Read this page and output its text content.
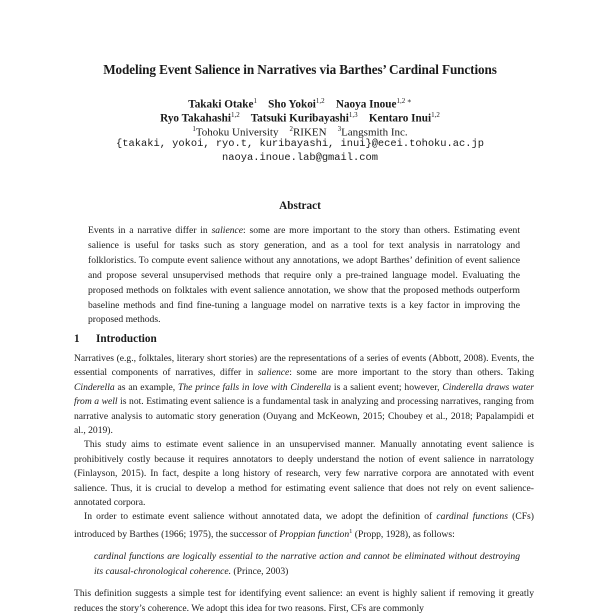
Modeling Event Salience in Narratives via Barthes’ Cardinal Functions
Takaki Otake$^1$ Sho Yokoi$^{1,2}$ Naoya Inoue$^{1,2 ∗}$
Ryo Takahashi$^{1,2}$ Tatsuki Kuribayashi$^{1,3}$ Kentaro Inui$^{1,2}$
$^1$Tohoku University $^2$RIKEN $^3$Langsmith Inc.
{takaki, yokoi, ryo.t, kuribayashi, inui}@ecei.tohoku.ac.jp
naoya.inoue.lab@gmail.com
Abstract
Events in a narrative differ in salience: some are more important to the story than others. Estimating event salience is useful for tasks such as story generation, and as a tool for text analysis in narratology and folkloristics. To compute event salience without any annotations, we adopt Barthes’ definition of event salience and propose several unsupervised methods that require only a pre-trained language model. Evaluating the proposed methods on folktales with event salience annotation, we show that the proposed methods outperform baseline methods and find fine-tuning a language model on narrative texts is a key factor in improving the proposed methods.
1 Introduction

Narratives (e.g., folktales, literary short stories) are the representations of a series of events (Abbott, 2008). Events, the essential components of narratives, differ in salience: some are more important to the story than others. Taking Cinderella as an example, The prince falls in love with Cinderella is a salient event; however, Cinderella draws water from a well is not. Estimating event salience is a fundamental task in analyzing and processing narratives, ranging from narrative analysis to automatic story generation (Ouyang and McKeown, 2015; Choubey et al., 2018; Papalampidi et al., 2019).

This study aims to estimate event salience in an unsupervised manner. Manually annotating event salience is prohibitively costly because it requires annotators to deeply understand the notion of event salience in narratology (Finlayson, 2015). In fact, despite a long history of research, very few narrative corpora are annotated with event salience. Thus, it is crucial to develop a method for estimating event salience that does not rely on event salience-annotated corpora.

In order to estimate event salience without annotated data, we adopt the definition of cardinal functions (CFs) introduced by Barthes (1966; 1975), the successor of Proppian function$^1$ (Propp, 1928), as follows:

cardinal functions are logically essential to the narrative action and cannot be eliminated without destroying its causal-chronological coherence. (Prince, 2003)

This definition suggests a simple test for identifying event salience: an event is highly salient if removing it greatly reduces the story’s coherence. We adopt this idea for two reasons. First, CFs are commonly
